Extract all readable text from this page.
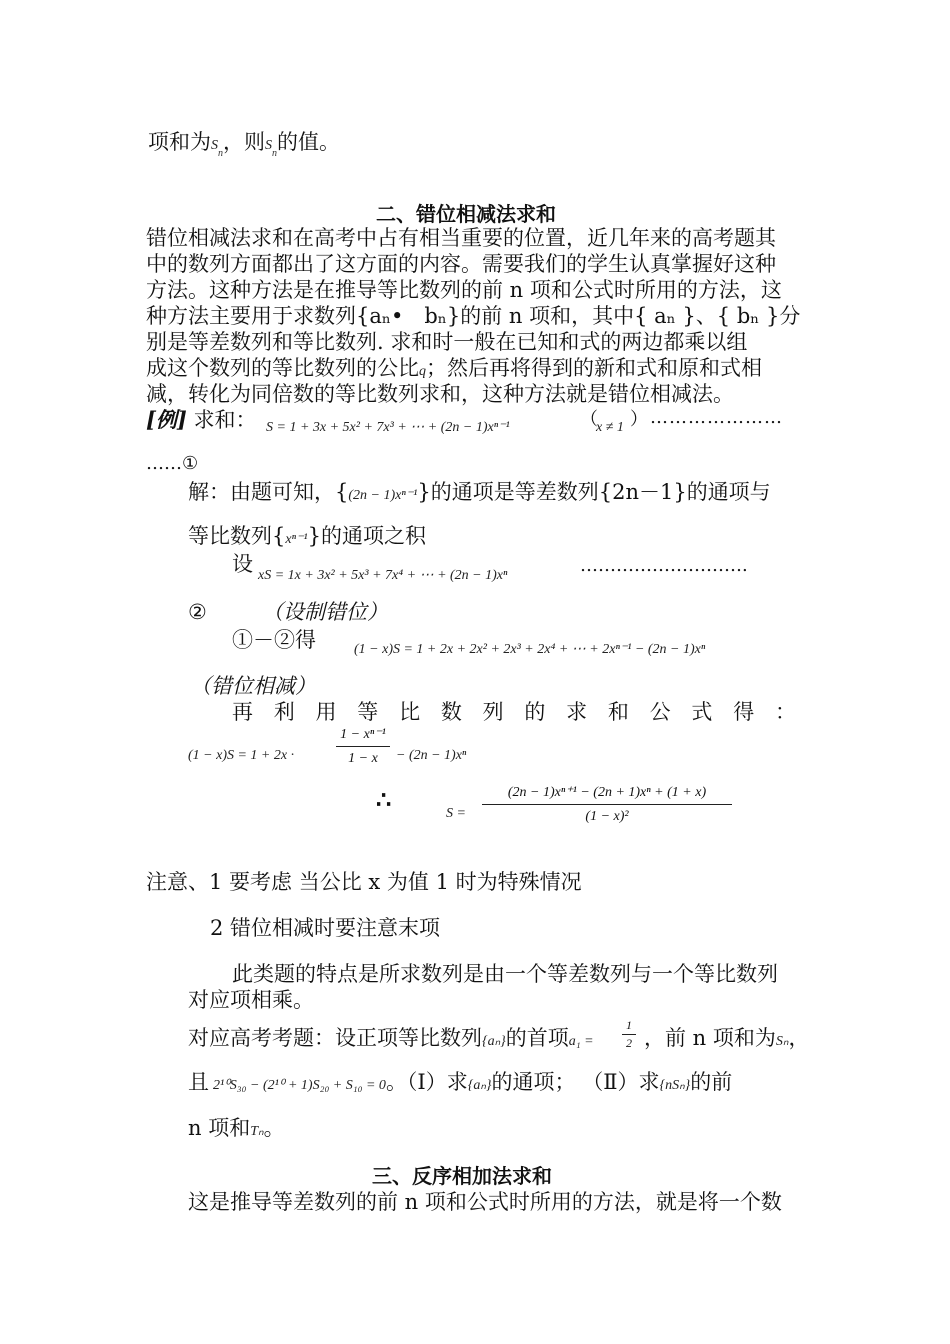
项和为$S_n$，则$S_n$的值。
二、错位相减法求和
错位相减法求和在高考中占有相当重要的位置，近几年来的高考题其
中的数列方面都出了这方面的内容。需要我们的学生认真掌握好这种
方法。这种方法是在推导等比数列的前 n 项和公式时所用的方法，这
种方法主要用于求数列{aₙ•　bₙ}的前 n 项和，其中{ aₙ }、{ bₙ }分
别是等差数列和等比数列. 求和时一般在已知和式的两边都乘以组
成这个数列的等比数列的公比q；然后再将得到的新和式和原和式相
减，转化为同倍数的等比数列求和，这种方法就是错位相减法。
[例] 求和： S = 1 + 3x + 5x² + 7x³ + ⋯ + (2n − 1)xⁿ⁻¹	（
x ≠ 1 ） …………………
……①
解：由题可知，{(2n − 1)xⁿ⁻¹}的通项是等差数列{2n－1}的通项与
等比数列{xⁿ⁻¹}的通项之积
设 xS = 1x + 3x² + 5x³ + 7x⁴ + ⋯ + (2n − 1)xⁿ	……………………….
②	（设制错位）
①－②得	(1 − x)S = 1 + 2x + 2x² + 2x³ + 2x⁴ + ⋯ + 2xⁿ⁻¹ − (2n − 1)xⁿ
（错位相减）
再 利 用 等 比 数 列 的 求 和 公 式 得 ：
(1 − x)S = 1 + 2x ·	$\frac{\text{1 − xⁿ⁻¹}}{1 - x} - (2n - 1)x^n$
∴	$S = \frac{\text{(2n − 1)xⁿ⁺¹ − (2n + 1)xⁿ + (1 + x)}}{\text{(1 − x)²}}$
注意、1 要考虑 当公比 x 为值 1 时为特殊情况
2 错位相减时要注意末项
此类题的特点是所求数列是由一个等差数列与一个等比数列
对应项相乘。
对应高考考题：设正项等比数列{aₙ}的首项$a_1 = \frac{1}{2}$ ，前 n 项和为Sₙ，
且 2¹⁰S₃₀ − (2¹⁰ + 1)S₂₀ + S₁₀ = 0。（Ⅰ）求{aₙ}的通项； （Ⅱ）求{nSₙ}的前
n 项和Tₙ。
三、反序相加法求和
这是推导等差数列的前 n 项和公式时所用的方法，就是将一个数
